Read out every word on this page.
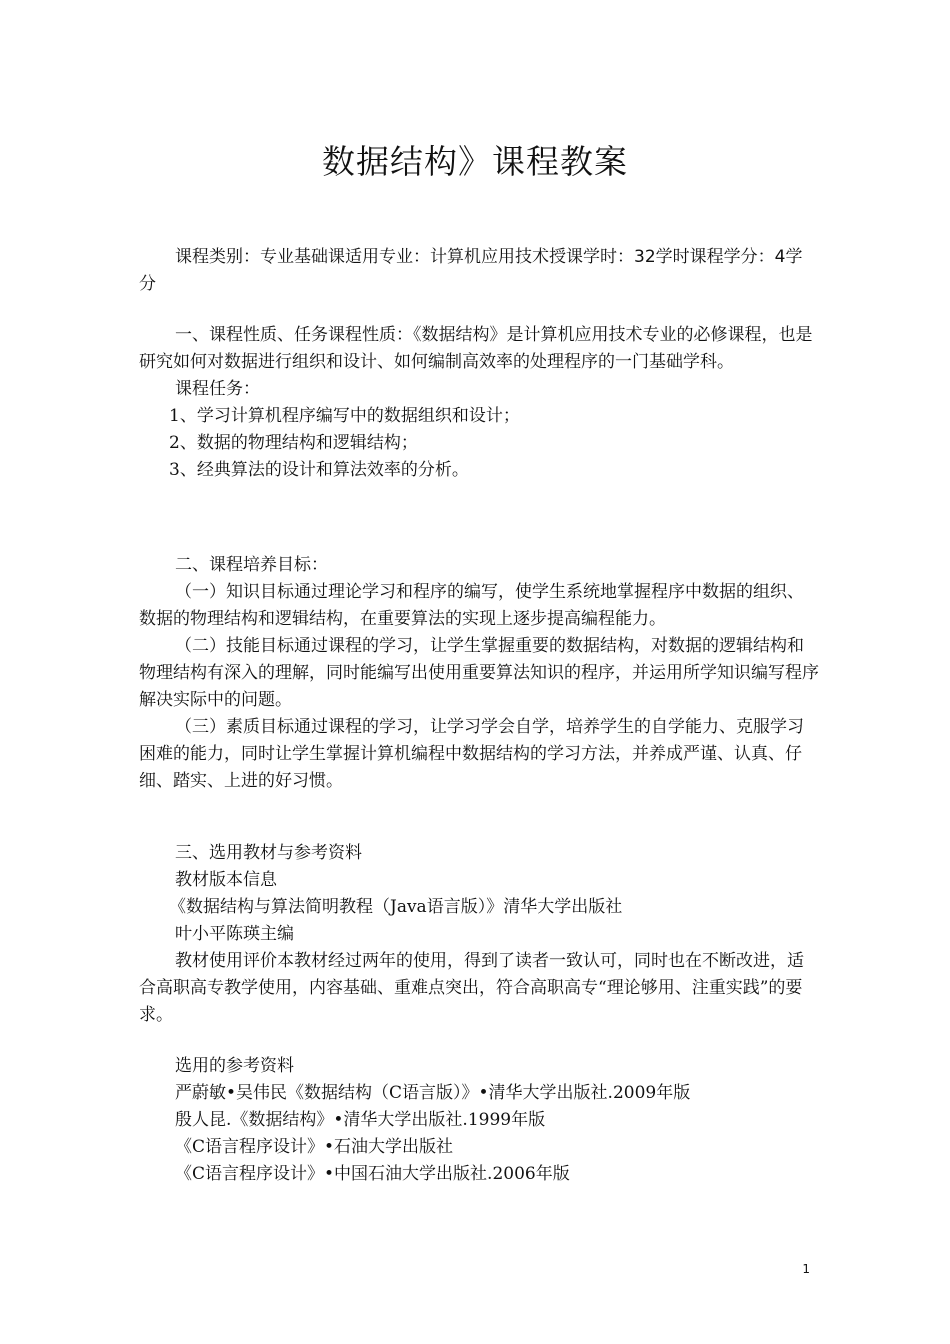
数据结构》课程教案

课程类别：专业基础课适用专业：计算机应用技术授课学时：32学时课程学分：4学分

一、课程性质、任务课程性质：《数据结构》是计算机应用技术专业的必修课程，也是研究如何对数据进行组织和设计、如何编制高效率的处理程序的一门基础学科。

课程任务：

1、学习计算机程序编写中的数据组织和设计；

2、数据的物理结构和逻辑结构；

3、经典算法的设计和算法效率的分析。

二、课程培养目标：

（一）知识目标通过理论学习和程序的编写，使学生系统地掌握程序中数据的组织、数据的物理结构和逻辑结构，在重要算法的实现上逐步提高编程能力。

（二）技能目标通过课程的学习，让学生掌握重要的数据结构，对数据的逻辑结构和物理结构有深入的理解，同时能编写出使用重要算法知识的程序，并运用所学知识编写程序解决实际中的问题。

（三）素质目标通过课程的学习，让学习学会自学，培养学生的自学能力、克服学习困难的能力，同时让学生掌握计算机编程中数据结构的学习方法，并养成严谨、认真、仔细、踏实、上进的好习惯。

三、选用教材与参考资料

教材版本信息

《数据结构与算法简明教程（Java语言版）》清华大学出版社

叶小平陈瑛主编

教材使用评价本教材经过两年的使用，得到了读者一致认可，同时也在不断改进，适合高职高专教学使用，内容基础、重难点突出，符合高职高专“理论够用、注重实践”的要求。

选用的参考资料

严蔚敏•吴伟民《数据结构（C语言版）》•清华大学出版社.2009年版

殷人昆.《数据结构》•清华大学出版社.1999年版

《C语言程序设计》•石油大学出版社

《C语言程序设计》•中国石油大学出版社.2006年版

1
